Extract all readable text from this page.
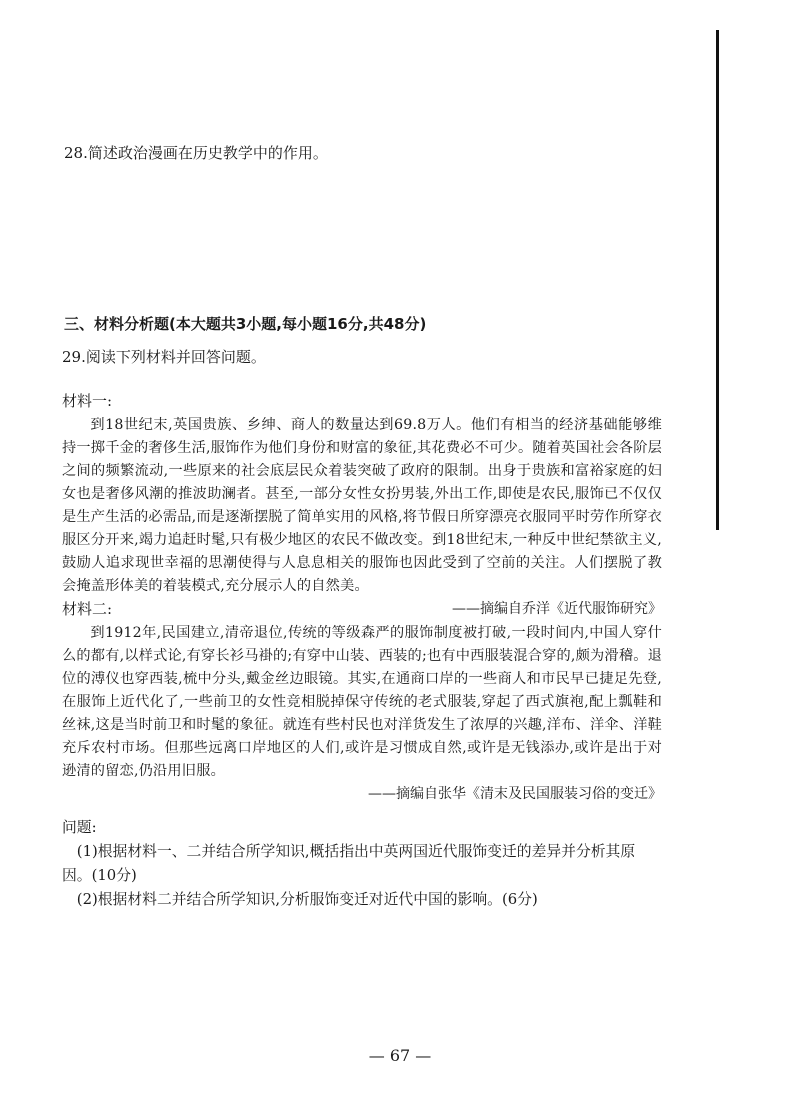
28.简述政治漫画在历史教学中的作用。

三、材料分析题(本大题共3小题,每小题16分,共48分)

29.阅读下列材料并回答问题。

材料一:

到18世纪末,英国贵族、乡绅、商人的数量达到69.8万人。他们有相当的经济基础能够维持一掷千金的奢侈生活,服饰作为他们身份和财富的象征,其花费必不可少。随着英国社会各阶层之间的频繁流动,一些原来的社会底层民众着装突破了政府的限制。出身于贵族和富裕家庭的妇女也是奢侈风潮的推波助澜者。甚至,一部分女性女扮男装,外出工作,即使是农民,服饰已不仅仅是生产生活的必需品,而是逐渐摆脱了简单实用的风格,将节假日所穿漂亮衣服同平时劳作所穿衣服区分开来,竭力追赶时髦,只有极少地区的农民不做改变。到18世纪末,一种反中世纪禁欲主义,鼓励人追求现世幸福的思潮使得与人息息相关的服饰也因此受到了空前的关注。人们摆脱了教会掩盖形体美的着装模式,充分展示人的自然美。

——摘编自乔洋《近代服饰研究》

材料二:

到1912年,民国建立,清帝退位,传统的等级森严的服饰制度被打破,一段时间内,中国人穿什么的都有,以样式论,有穿长衫马褂的;有穿中山装、西装的;也有中西服装混合穿的,颇为滑稽。退位的溥仪也穿西装,梳中分头,戴金丝边眼镜。其实,在通商口岸的一些商人和市民早已捷足先登,在服饰上近代化了,一些前卫的女性竞相脱掉保守传统的老式服装,穿起了西式旗袍,配上瓢鞋和丝袜,这是当时前卫和时髦的象征。就连有些村民也对洋货发生了浓厚的兴趣,洋布、洋伞、洋鞋充斥农村市场。但那些远离口岸地区的人们,或许是习惯成自然,或许是无钱添办,或许是出于对逊清的留恋,仍沿用旧服。

——摘编自张华《清末及民国服装习俗的变迁》

问题:

(1)根据材料一、二并结合所学知识,概括指出中英两国近代服饰变迁的差异并分析其原因。(10分)

(2)根据材料二并结合所学知识,分析服饰变迁对近代中国的影响。(6分)

— 67 —
